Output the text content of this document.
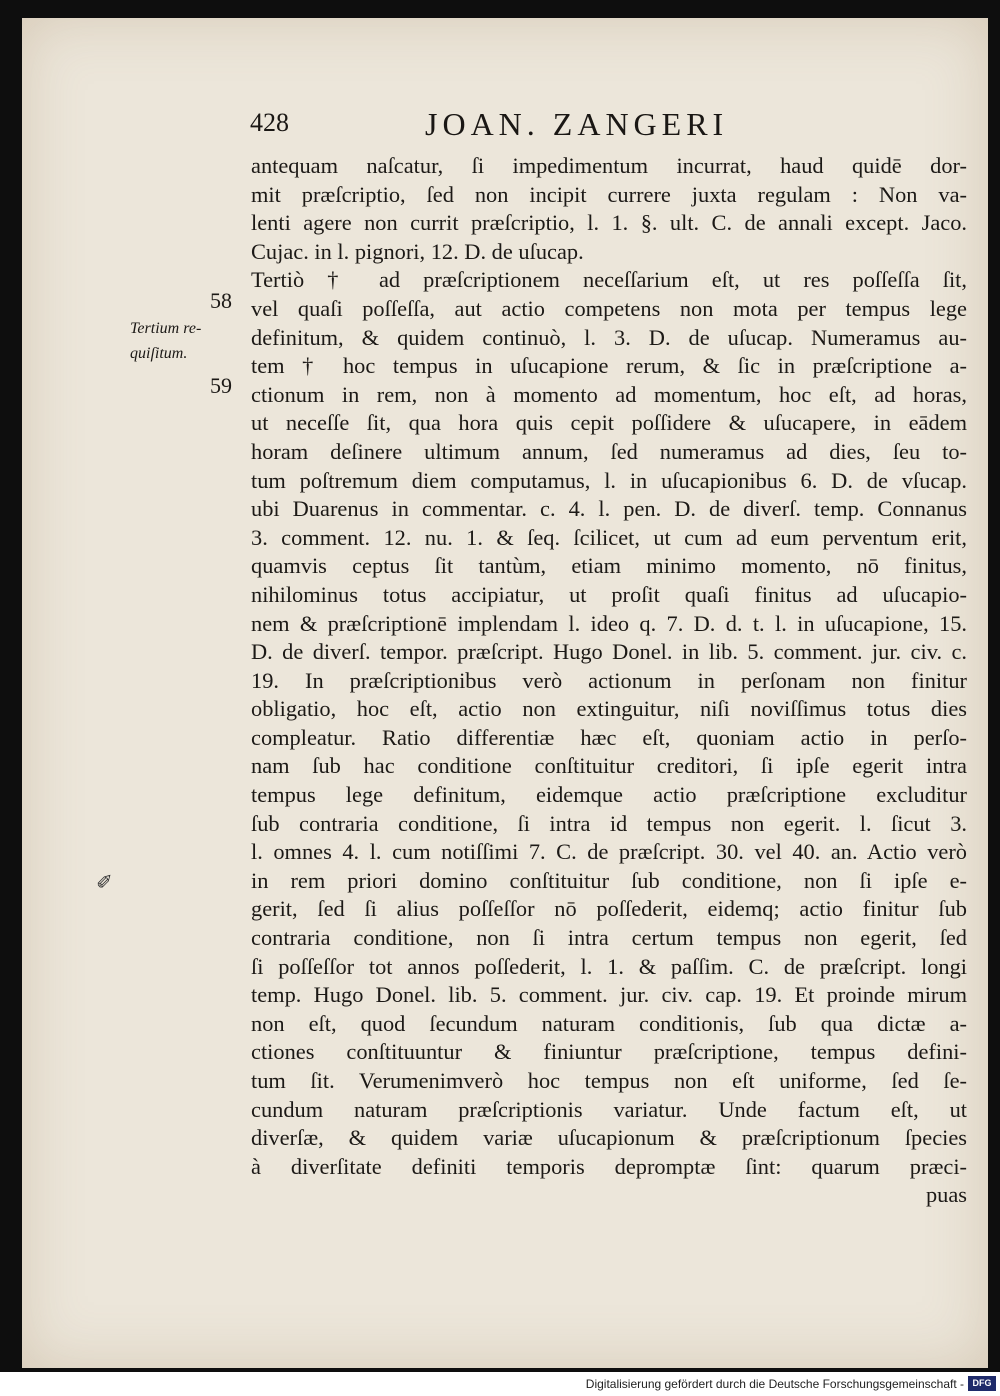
428	JOAN. ZANGERI
58
Tertium re-
quiſitum.
59
✐
antequam naſcatur, ſi impedimentum incurrat, haud quidē dor-
mit præſcriptio, ſed non incipit currere juxta regulam : Non va-
lenti agere non currit præſcriptio, l. 1. §. ult. C. de annali except. Jaco.
Cujac. in l. pignori, 12. D. de uſucap.
Tertiò † ad præſcriptionem neceſſarium eſt, ut res poſſeſſa ſit,
vel quaſi poſſeſſa, aut actio competens non mota per tempus lege
definitum, & quidem continuò, l. 3. D. de uſucap. Numeramus au-
tem † hoc tempus in uſucapione rerum, & ſic in præſcriptione a-
ctionum in rem, non à momento ad momentum, hoc eſt, ad horas,
ut neceſſe ſit, qua hora quis cepit poſſidere & uſucapere, in eādem
horam deſinere ultimum annum, ſed numeramus ad dies, ſeu to-
tum poſtremum diem computamus, l. in uſucapionibus 6. D. de vſucap.
ubi Duarenus in commentar. c. 4. l. pen. D. de diverſ. temp. Connanus
3. comment. 12. nu. 1. & ſeq. ſcilicet, ut cum ad eum perventum erit,
quamvis ceptus ſit tantùm, etiam minimo momento, nō finitus,
nihilominus totus accipiatur, ut proſit quaſi finitus ad uſucapio-
nem & præſcriptionē implendam l. ideo q. 7. D. d. t. l. in uſucapione, 15.
D. de diverſ. tempor. præſcript. Hugo Donel. in lib. 5. comment. jur. civ. c.
19. In præſcriptionibus verò actionum in perſonam non finitur
obligatio, hoc eſt, actio non extinguitur, niſi noviſſimus totus dies
compleatur. Ratio differentiæ hæc eſt, quoniam actio in perſo-
nam ſub hac conditione conſtituitur creditori, ſi ipſe egerit intra
tempus lege definitum, eidemque actio præſcriptione excluditur
ſub contraria conditione, ſi intra id tempus non egerit. l. ſicut 3.
l. omnes 4. l. cum notiſſimi 7. C. de præſcript. 30. vel 40. an. Actio verò
in rem priori domino conſtituitur ſub conditione, non ſi ipſe e-
gerit, ſed ſi alius poſſeſſor nō poſſederit, eidemq; actio finitur ſub
contraria conditione, non ſi intra certum tempus non egerit, ſed
ſi poſſeſſor tot annos poſſederit, l. 1. & paſſim. C. de præſcript. longi
temp. Hugo Donel. lib. 5. comment. jur. civ. cap. 19. Et proinde mirum
non eſt, quod ſecundum naturam conditionis, ſub qua dictæ a-
ctiones conſtituuntur & finiuntur præſcriptione, tempus defini-
tum ſit. Verumenimverò hoc tempus non eſt uniforme, ſed ſe-
cundum naturam præſcriptionis variatur. Unde factum eſt, ut
diverſæ, & quidem variæ uſucapionum & præſcriptionum ſpecies
à diverſitate definiti temporis depromptæ ſint: quarum præci-
puas
Digitalisierung gefördert durch die Deutsche Forschungsgemeinschaft - DFG
